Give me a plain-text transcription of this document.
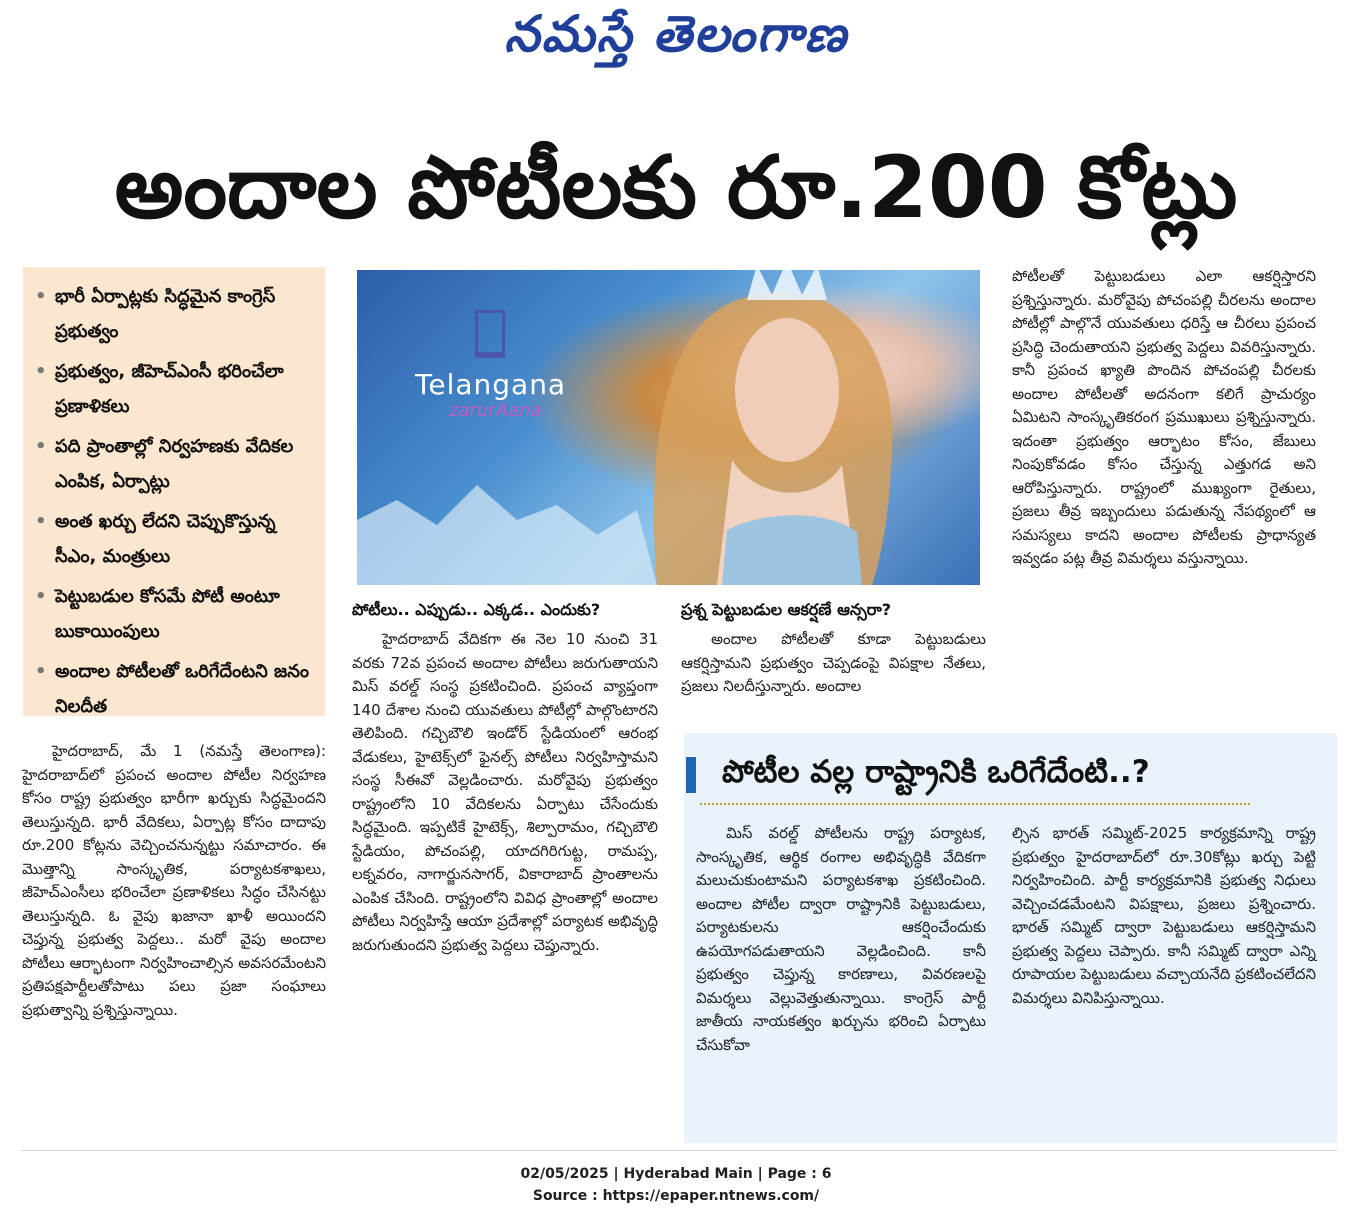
నమస్తే తెలంగాణ
అందాల పోటీలకు రూ.200 కోట్లు
• భారీ ఏర్పాట్లకు సిద్ధమైన కాంగ్రెస్ ప్రభుత్వం
• ప్రభుత్వం, జీహెచ్ఎంసీ భరించేలా ప్రణాళికలు
• పది ప్రాంతాల్లో నిర్వహణకు వేదికల ఎంపిక, ఏర్పాట్లు
• అంత ఖర్చు లేదని చెప్పుకొస్తున్న సీఎం, మంత్రులు
• పెట్టుబడుల కోసమే పోటీ అంటూ బుకాయింపులు
• అందాల పోటీలతో ఒరిగేదేంటని జనం నిలదీత
Telangana
zarurAana

హైదరాబాద్, మే 1 (నమస్తే తెలంగాణ): హైదరాబాద్‌లో ప్రపంచ అందాల పోటీల నిర్వహణ కోసం రాష్ట్ర ప్రభుత్వం భారీగా ఖర్చుకు సిద్ధమైందని తెలుస్తున్నది. భారీ వేదికలు, ఏర్పాట్ల కోసం దాదాపు రూ.200 కోట్లను వెచ్చించనున్నట్టు సమాచారం. ఈ మొత్తాన్ని సాంస్కృతిక, పర్యాటకశాఖలు, జీహెచ్ఎంసీలు భరించేలా ప్రణాళికలు సిద్ధం చేసినట్టు తెలుస్తున్నది. ఓ వైపు ఖజానా ఖాళీ అయిందని చెప్తున్న ప్రభుత్వ పెద్దలు.. మరో వైపు అందాల పోటీలు ఆర్భాటంగా నిర్వహించాల్సిన అవసరమేంటని ప్రతిపక్షపార్టీలతోపాటు పలు ప్రజా సంఘాలు ప్రభుత్వాన్ని ప్రశ్నిస్తున్నాయి.

పోటీలు.. ఎప్పుడు.. ఎక్కడ.. ఎందుకు?

హైదరాబాద్ వేదికగా ఈ నెల 10 నుంచి 31 వరకు 72వ ప్రపంచ అందాల పోటీలు జరుగుతాయని మిస్ వరల్డ్ సంస్థ ప్రకటించింది. ప్రపంచ వ్యాప్తంగా 140 దేశాల నుంచి యువతులు పోటీల్లో పాల్గొంటారని తెలిపింది. గచ్చిబౌలి ఇండోర్ స్టేడియంలో ఆరంభ వేడుకలు, హైటెక్స్‌లో ఫైనల్స్ పోటీలు నిర్వహిస్తామని సంస్థ సీఈవో వెల్లడించారు. మరోవైపు ప్రభుత్వం రాష్ట్రంలోని 10 వేదికలను ఏర్పాటు చేసేందుకు సిద్ధమైంది. ఇప్పటికే హైటెక్స్, శిల్పారామం, గచ్చిబౌలి స్టేడియం, పోచంపల్లి, యాదగిరిగుట్ట, రామప్ప, లక్నవరం, నాగార్జునసాగర్, వికారాబాద్ ప్రాంతాలను ఎంపిక చేసింది. రాష్ట్రంలోని వివిధ ప్రాంతాల్లో అందాల పోటీలు నిర్వహిస్తే ఆయా ప్రదేశాల్లో పర్యాటక అభివృద్ధి జరుగుతుందని ప్రభుత్వ పెద్దలు చెప్తున్నారు.

ప్రశ్న పెట్టుబడుల ఆకర్షణే ఆన్సరా?

అందాల పోటీలతో కూడా పెట్టుబడులు ఆకర్షిస్తామని ప్రభుత్వం చెప్పడంపై విపక్షాల నేతలు, ప్రజలు నిలదీస్తున్నారు. అందాల

పోటీలతో పెట్టుబడులు ఎలా ఆకర్షిస్తారని ప్రశ్నిస్తున్నారు. మరోవైపు పోచంపల్లి చీరలను అందాల పోటీల్లో పాల్గొనే యువతులు ధరిస్తే ఆ చీరలు ప్రపంచ ప్రసిద్ధి చెందుతాయని ప్రభుత్వ పెద్దలు వివరిస్తున్నారు. కానీ ప్రపంచ ఖ్యాతి పొందిన పోచంపల్లి చీరలకు అందాల పోటీలతో అదనంగా కలిగే ప్రాచుర్యం ఏమిటని సాంస్కృతికరంగ ప్రముఖులు ప్రశ్నిస్తున్నారు. ఇదంతా ప్రభుత్వం ఆర్భాటం కోసం, జేబులు నింపుకోవడం కోసం చేస్తున్న ఎత్తుగడ అని ఆరోపిస్తున్నారు. రాష్ట్రంలో ముఖ్యంగా రైతులు, ప్రజలు తీవ్ర ఇబ్బందులు పడుతున్న నేపథ్యంలో ఆ సమస్యలు కాదని అందాల పోటీలకు ప్రాధాన్యత ఇవ్వడం పట్ల తీవ్ర విమర్శలు వస్తున్నాయి.

పోటీల వల్ల రాష్ట్రానికి ఒరిగేదేంటి..?

మిస్ వరల్డ్ పోటీలను రాష్ట్ర పర్యాటక, సాంస్కృతిక, ఆర్థిక రంగాల అభివృద్ధికి వేదికగా మలుచుకుంటామని పర్యాటకశాఖ ప్రకటించింది. అందాల పోటీల ద్వారా రాష్ట్రానికి పెట్టుబడులు, పర్యాటకులను ఆకర్షించేందుకు ఉపయోగపడుతాయని వెల్లడించింది. కానీ ప్రభుత్వం చెప్తున్న కారణాలు, వివరణలపై విమర్శలు వెల్లువెత్తుతున్నాయి. కాంగ్రెస్ పార్టీ జాతీయ నాయకత్వం ఖర్చును భరించి ఏర్పాటు చేసుకోవా

ల్సిన భారత్ సమ్మిట్-2025 కార్యక్రమాన్ని రాష్ట్ర ప్రభుత్వం హైదరాబాద్‌లో రూ.30కోట్లు ఖర్చు పెట్టి నిర్వహించింది. పార్టీ కార్యక్రమానికి ప్రభుత్వ నిధులు వెచ్చించడమేంటని విపక్షాలు, ప్రజలు ప్రశ్నించారు. భారత్ సమ్మిట్ ద్వారా పెట్టుబడులు ఆకర్షిస్తామని ప్రభుత్వ పెద్దలు చెప్పారు. కానీ సమ్మిట్ ద్వారా ఎన్ని రూపాయల పెట్టుబడులు వచ్చాయనేది ప్రకటించలేదని విమర్శలు వినిపిస్తున్నాయి.

02/05/2025 | Hyderabad Main | Page : 6
Source : https://epaper.ntnews.com/
